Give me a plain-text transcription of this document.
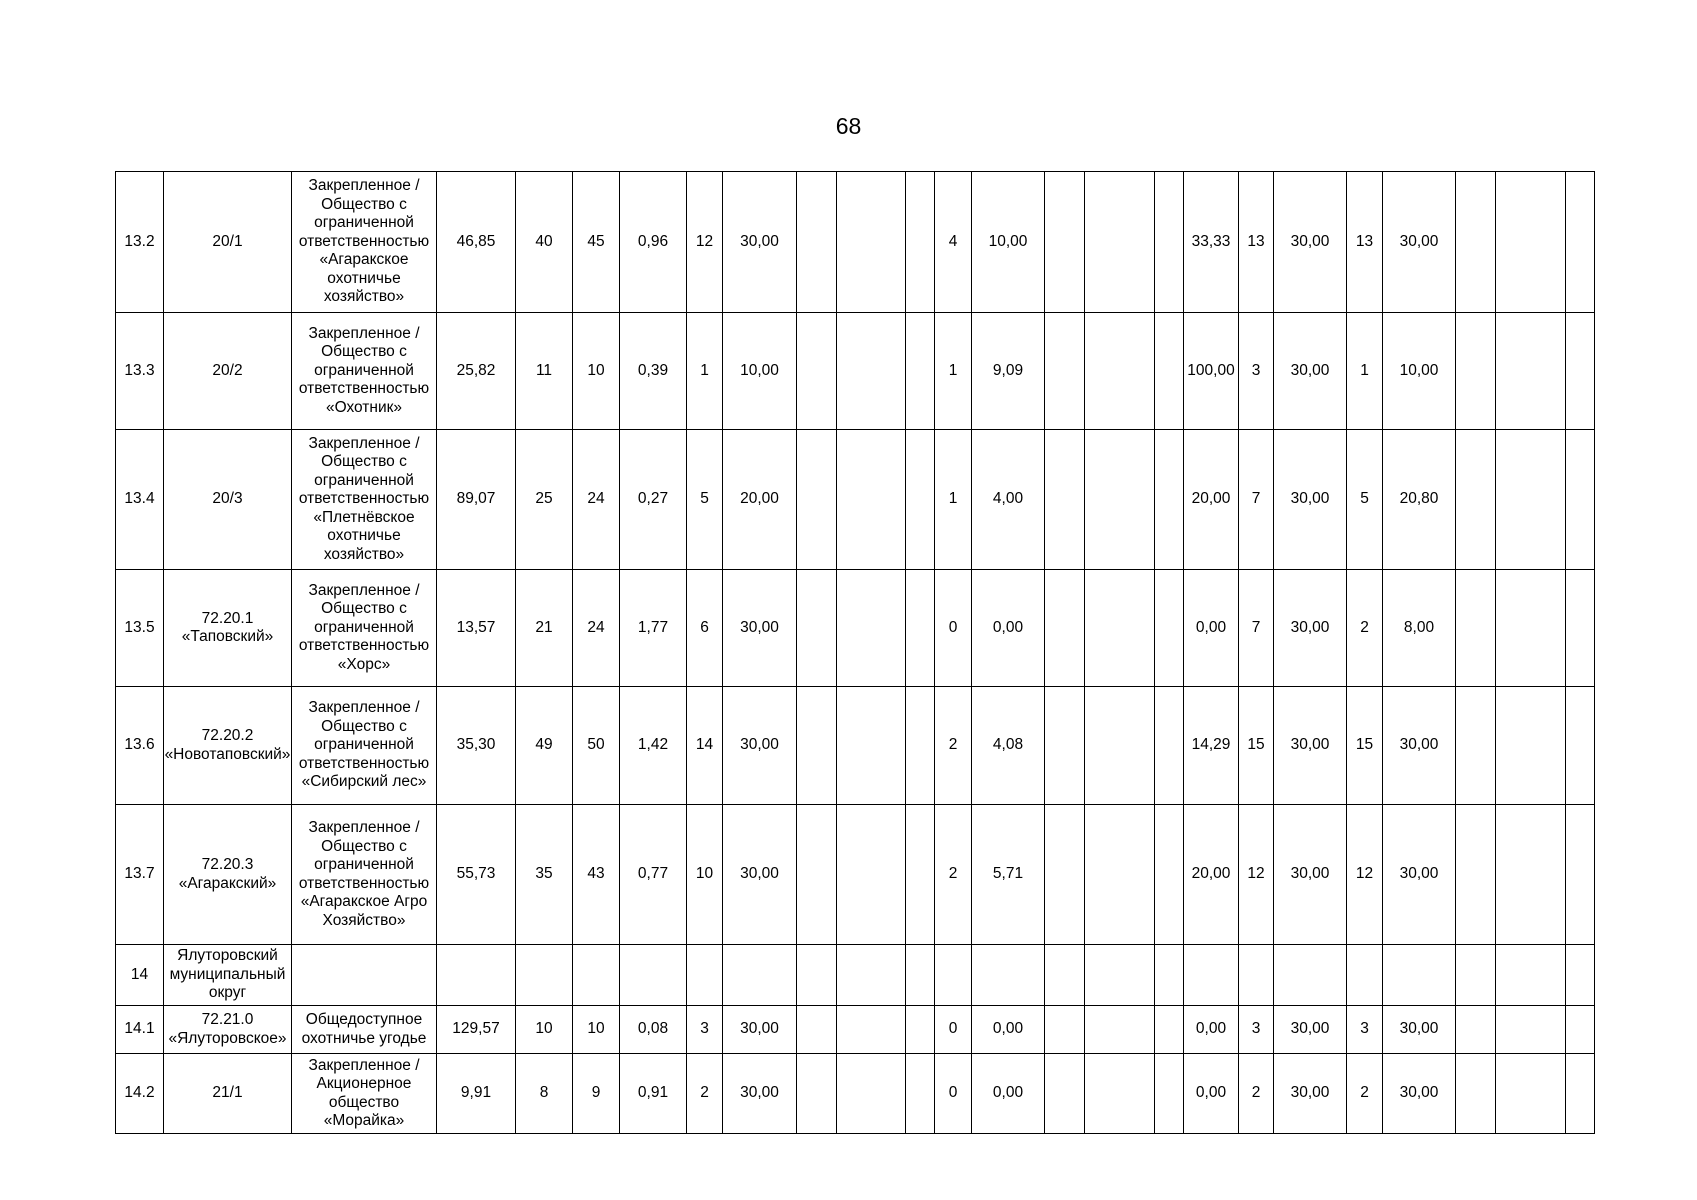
68
13.2	20/1	Закрепленное / Общество с ограниченной ответственностью «Агаракское охотничье хозяйство»	46,85	40	45	0,96	12	30,00				4	10,00				33,33	13	30,00	13	30,00			
13.3	20/2	Закрепленное / Общество с ограниченной ответственностью «Охотник»	25,82	11	10	0,39	1	10,00				1	9,09				100,00	3	30,00	1	10,00			
13.4	20/3	Закрепленное /Общество с ограниченной ответственностью «Плетнёвское охотничье хозяйство»	89,07	25	24	0,27	5	20,00				1	4,00				20,00	7	30,00	5	20,80			
13.5	72.20.1 «Таповский»	Закрепленное / Общество с ограниченной ответственностью «Хорс»	13,57	21	24	1,77	6	30,00				0	0,00				0,00	7	30,00	2	8,00			
13.6	72.20.2 «Новотаповский»	Закрепленное / Общество с ограниченной ответственностью «Сибирский лес»	35,30	49	50	1,42	14	30,00				2	4,08				14,29	15	30,00	15	30,00			
13.7	72.20.3 «Агаракский»	Закрепленное / Общество с ограниченной ответственностью «Агаракское Агро Хозяйство»	55,73	35	43	0,77	10	30,00				2	5,71				20,00	12	30,00	12	30,00			
14	Ялуторовский муниципальный округ																							
14.1	72.21.0 «Ялуторовское»	Общедоступное охотничье угодье	129,57	10	10	0,08	3	30,00				0	0,00				0,00	3	30,00	3	30,00			
14.2	21/1	Закрепленное / Акционерное общество «Морайка»	9,91	8	9	0,91	2	30,00				0	0,00				0,00	2	30,00	2	30,00			
